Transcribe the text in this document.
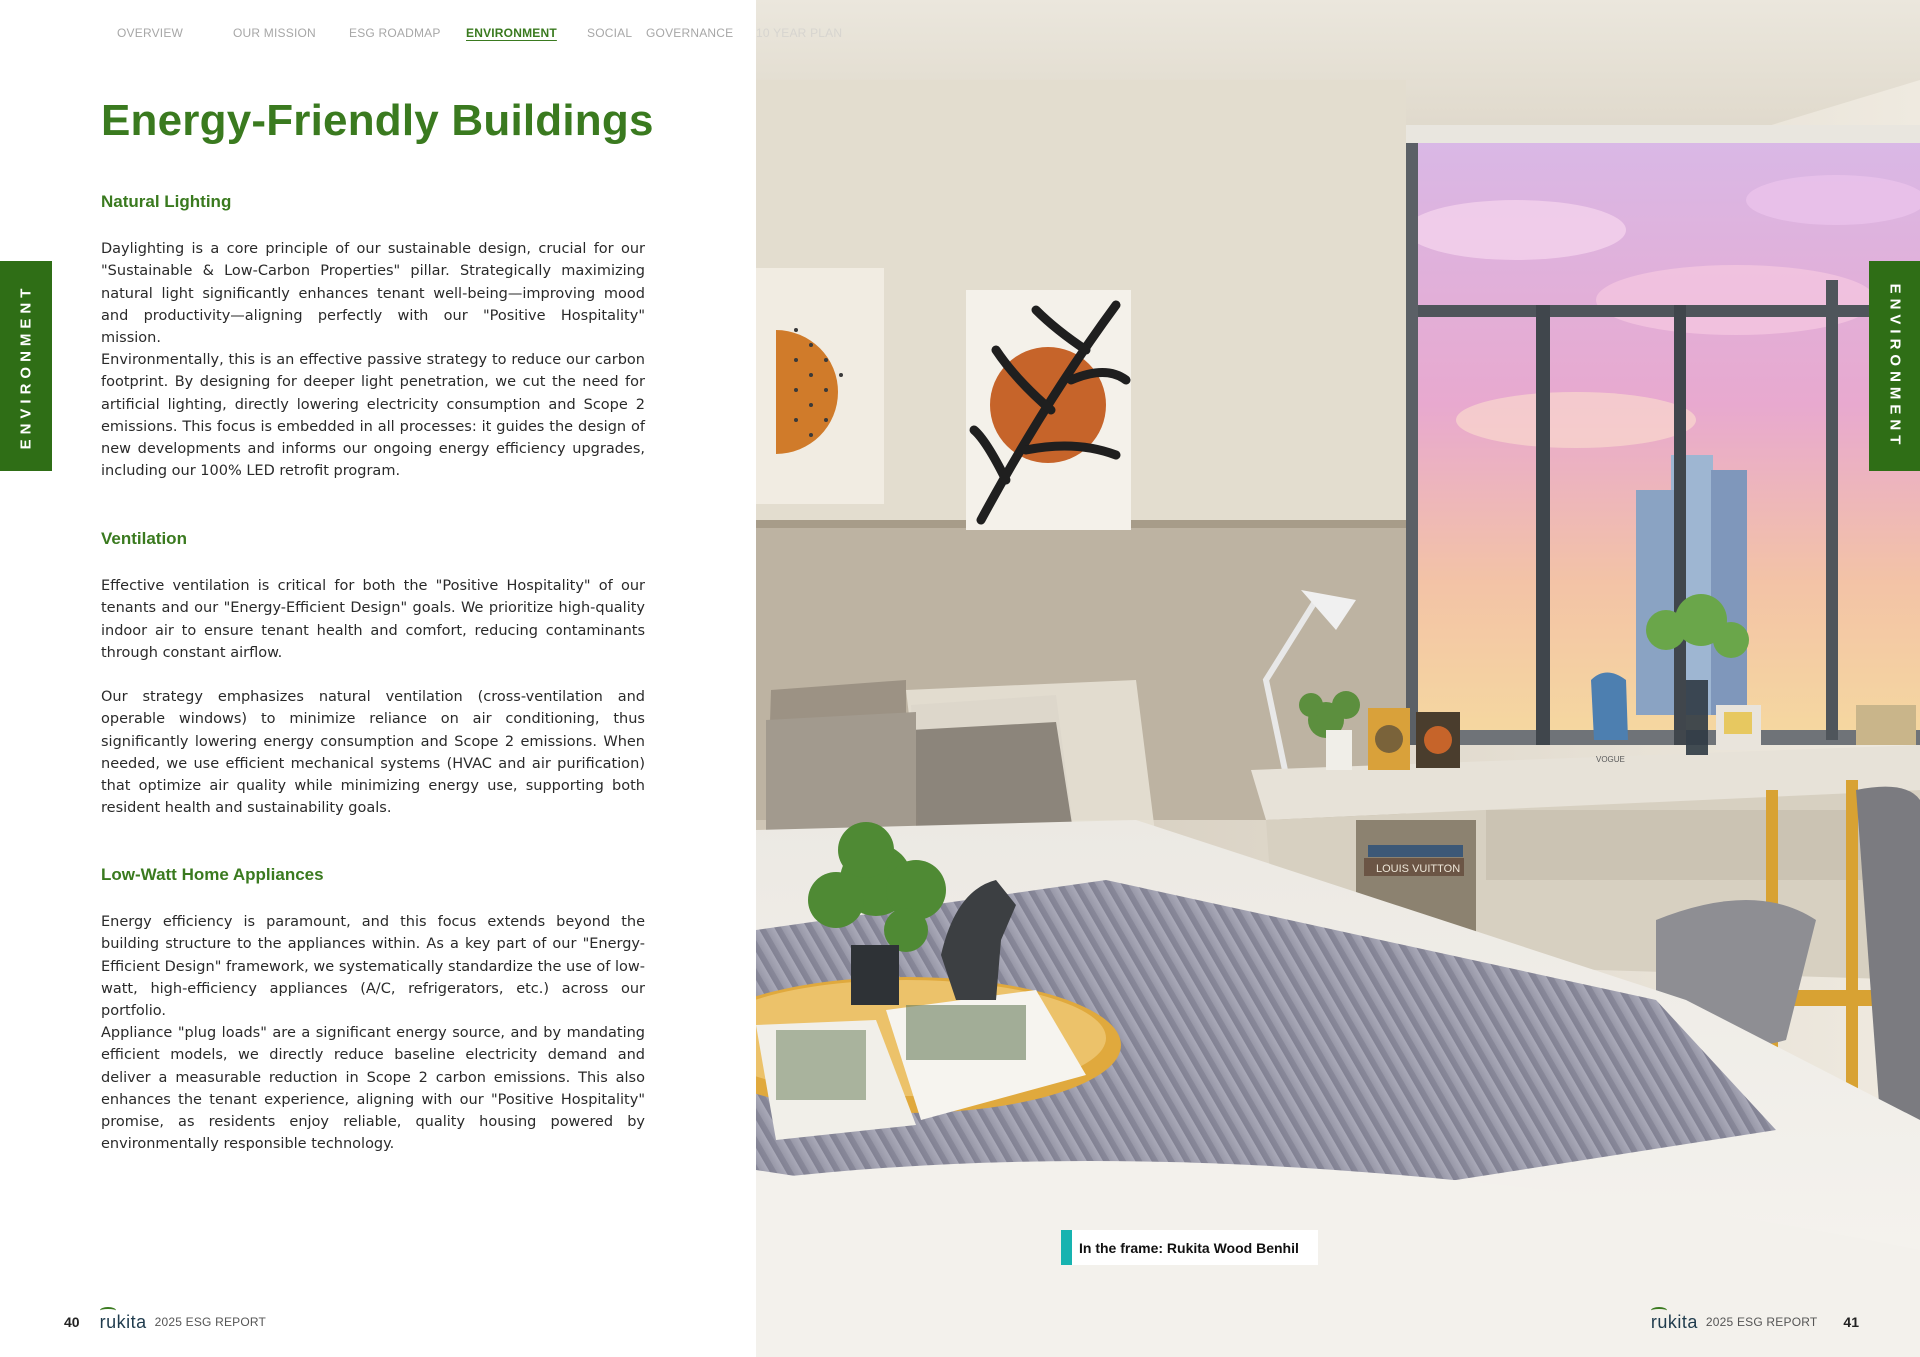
OVERVIEW	OUR MISSION	ESG ROADMAP ENVIRONMENT	SOCIAL GOVERNANCE 10 YEAR PLAN
Energy-Friendly Buildings
Natural Lighting

Daylighting is a core principle of our sustainable design, crucial for our "Sustainable & Low-Carbon Properties" pillar. Strategically maximizing natural light significantly enhances tenant well-being—improving mood and productivity—aligning perfectly with our "Positive Hospitality" mission.

Environmentally, this is an effective passive strategy to reduce our carbon footprint. By designing for deeper light penetration, we cut the need for artificial lighting, directly lowering electricity consumption and Scope 2 emissions. This focus is embedded in all processes: it guides the design of new developments and informs our ongoing energy efficiency upgrades, including our 100% LED retrofit program.

Ventilation

Effective ventilation is critical for both the "Positive Hospitality" of our tenants and our "Energy-Efficient Design" goals. We prioritize high-quality indoor air to ensure tenant health and comfort, reducing contaminants through constant airflow.

Our strategy emphasizes natural ventilation (cross-ventilation and operable windows) to minimize reliance on air conditioning, thus significantly lowering energy consumption and Scope 2 emissions. When needed, we use efficient mechanical systems (HVAC and air purification) that optimize air quality while minimizing energy use, supporting both resident health and sustainability goals.

Low-Watt Home Appliances

Energy efficiency is paramount, and this focus extends beyond the building structure to the appliances within. As a key part of our "Energy-Efficient Design" framework, we systematically standardize the use of low-watt, high-efficiency appliances (A/C, refrigerators, etc.) across our portfolio.

Appliance "plug loads" are a significant energy source, and by mandating efficient models, we directly reduce baseline electricity demand and deliver a measurable reduction in Scope 2 carbon emissions. This also enhances the tenant experience, aligning with our "Positive Hospitality" promise, as residents enjoy reliable, quality housing powered by environmentally responsible technology.

ENVIRONMENT
40 rukita 2025 ESG REPORT
LOUIS VUITTON
VOGUE
ENVIRONMENT
In the frame: Rukita Wood Benhil
rukita 2025 ESG REPORT 41
